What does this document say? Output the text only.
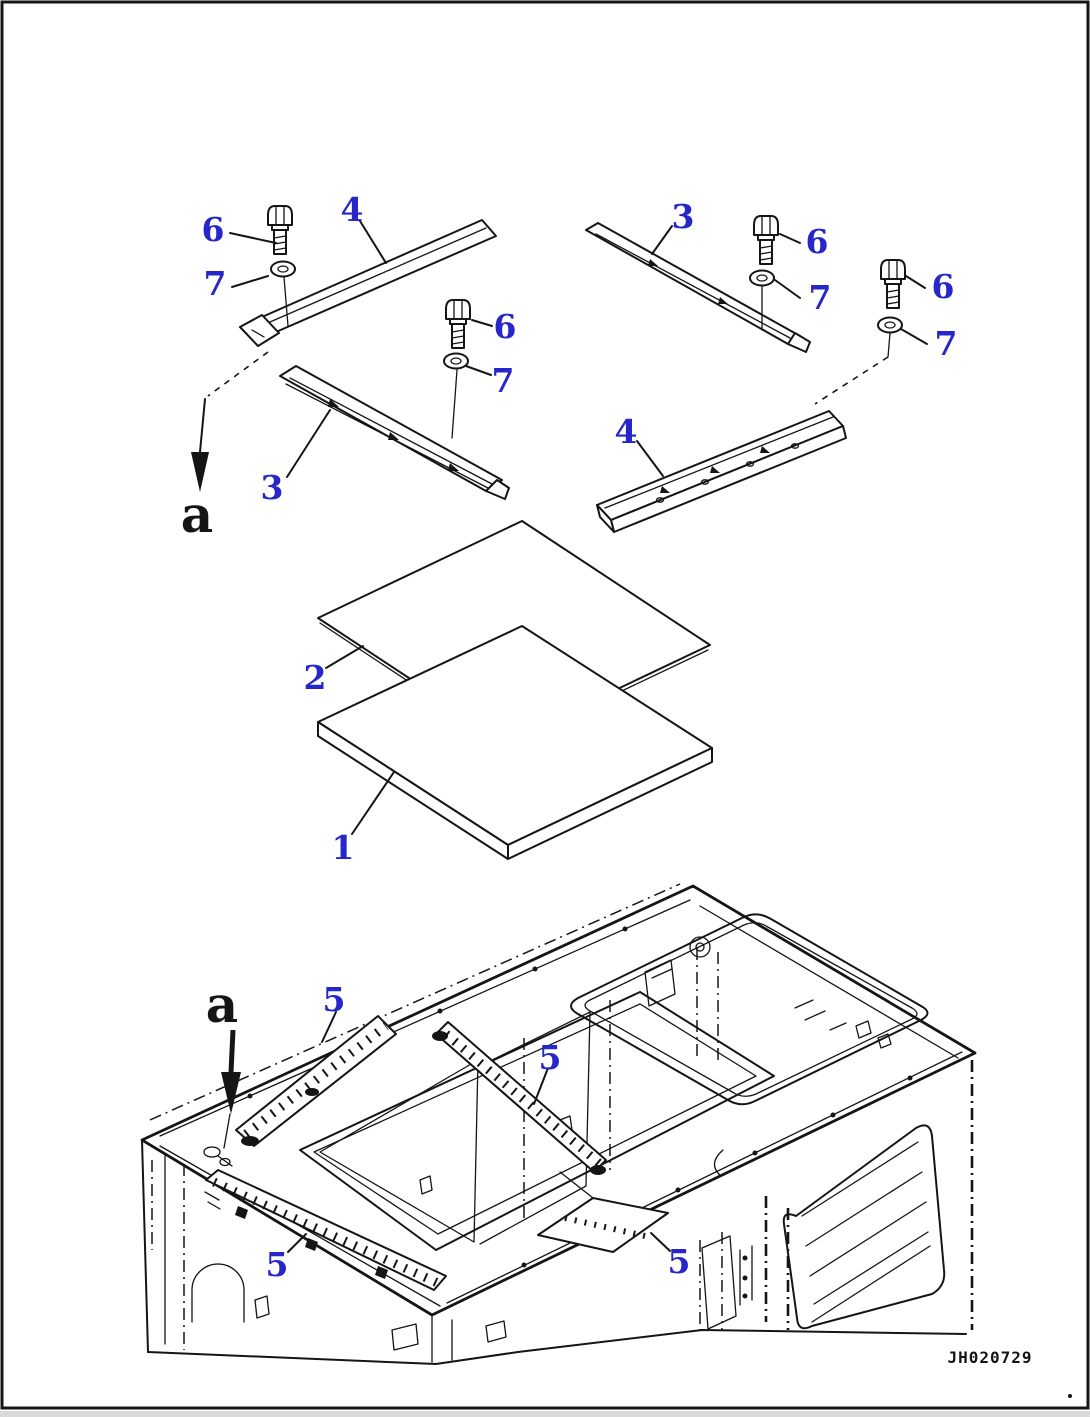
6
4	3
6
7	7	6
6	7
7
3
4
2
1
5
5
5	5
a
a
JH020729
